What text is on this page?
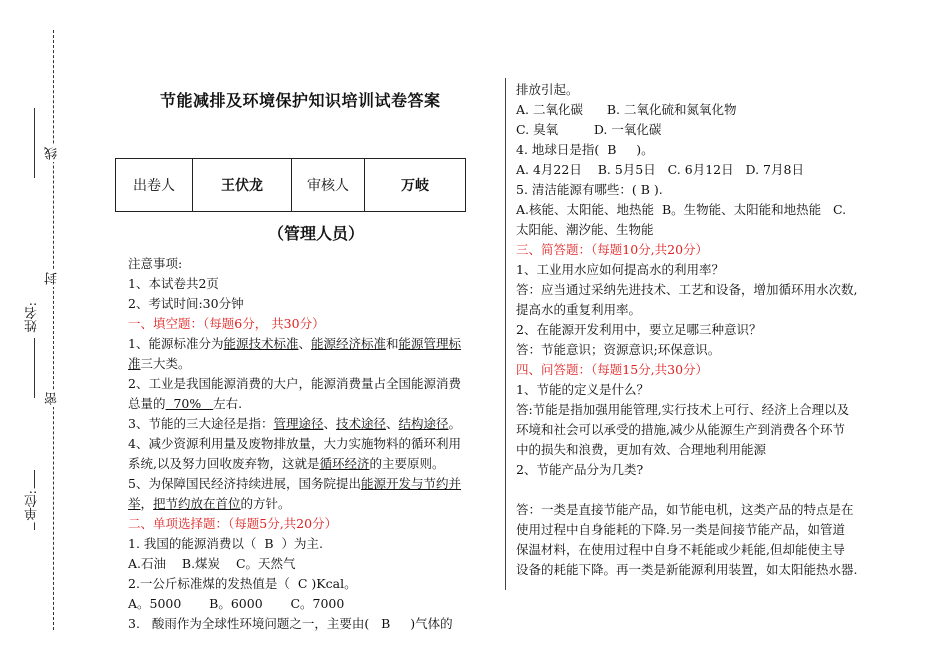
线
封
姓名:
密
单位:
节能减排及环境保护知识培训试卷答案
出卷人	王伏龙	审核人	万岐
（管理人员）

注意事项:

1、本试卷共2页

2、考试时间:30分钟

一、填空题：（每题6分， 共30分）

1、能源标准分为能源技术标准、能源经济标准和能源管理标

准三大类。

2、工业是我国能源消费的大户，能源消费量占全国能源消费

总量的  70%   左右.

3、节能的三大途径是指：管理途径、技术途径、结构途径。

4、减少资源利用量及废物排放量，大力实施物料的循环利用

系统,以及努力回收废弃物，这就是循环经济的主要原则。

5、为保障国民经济持续进展，国务院提出能源开发与节约并

举，把节约放在首位的方针。

二、单项选择题：（每题5分,共20分）

1. 我国的能源消费以（  B  ）为主.

A.石油    B.煤炭    C。天然气

2.一公斤标准煤的发热值是（  C )Kcal。

A。5000       B。6000       C。7000

3.   酸雨作为全球性环境问题之一，主要由(   B     )气体的

排放引起。

A. 二氧化碳      B. 二氧化硫和氮氧化物

C. 臭氧         D. 一氧化碳

4. 地球日是指(  B     )。

A. 4月22日    B. 5月5日   C. 6月12日   D. 7月8日

5. 清洁能源有哪些：( B ).

A.核能、太阳能、地热能  B。生物能、太阳能和地热能   C.

太阳能、潮汐能、生物能

三、简答题：（每题10分,共20分）

1、工业用水应如何提高水的利用率？

答：应当通过采纳先进技术、工艺和设备，增加循环用水次数,

提高水的重复利用率。

2、在能源开发利用中，要立足哪三种意识？

答：节能意识；资源意识;环保意识。

四、问答题：（每题15分,共30分）

1、节能的定义是什么？

答:节能是指加强用能管理,实行技术上可行、经济上合理以及

环境和社会可以承受的措施,减少从能源生产到消费各个环节

中的损失和浪费，更加有效、合理地利用能源

2、节能产品分为几类?

答：一类是直接节能产品，如节能电机，这类产品的特点是在

使用过程中自身能耗的下降.另一类是间接节能产品，如管道

保温材料，在使用过程中自身不耗能或少耗能,但却能使主导

设备的耗能下降。再一类是新能源利用装置，如太阳能热水器.
